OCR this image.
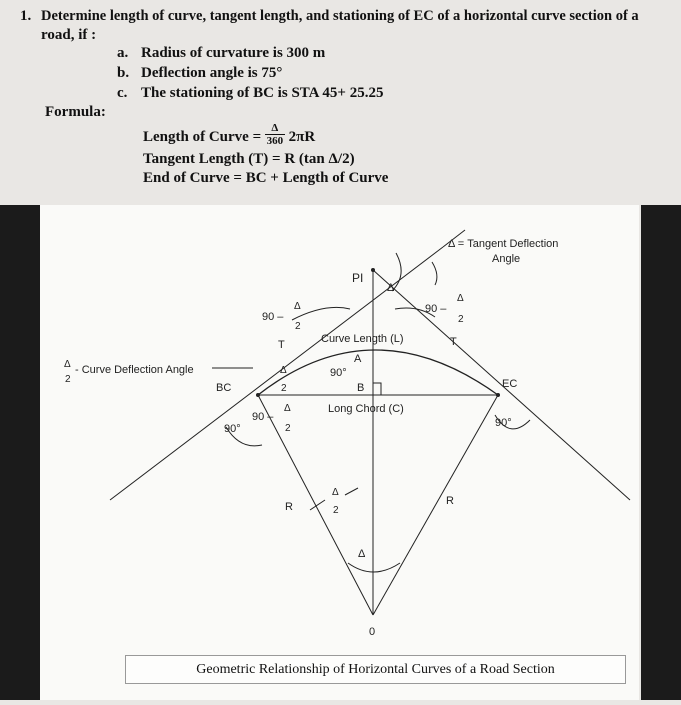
1. Determine length of curve, tangent length, and stationing of EC of a horizontal curve section of a
road, if :
a. Radius of curvature is 300 m
b. Deflection angle is 75°
c. The stationing of BC is STA 45+ 25.25
Formula:
Length of Curve = $\frac{\Delta}{360} 2\pi R$
Tangent Length (T) = R (tan Δ/2)
End of Curve = BC + Length of Curve
Δ = Tangent Deflection
Angle
PI
Δ
90 –
Δ
2
90 –
Δ
2
T	T
Curve Length (L)
A
90°
B
Δ
2
- Curve Deflection Angle	Δ
2
BC	EC
Long Chord (C)
90 –
Δ
2
90°	90°
R	R
Δ
2
Δ
0
Geometric Relationship of Horizontal Curves of a Road Section
